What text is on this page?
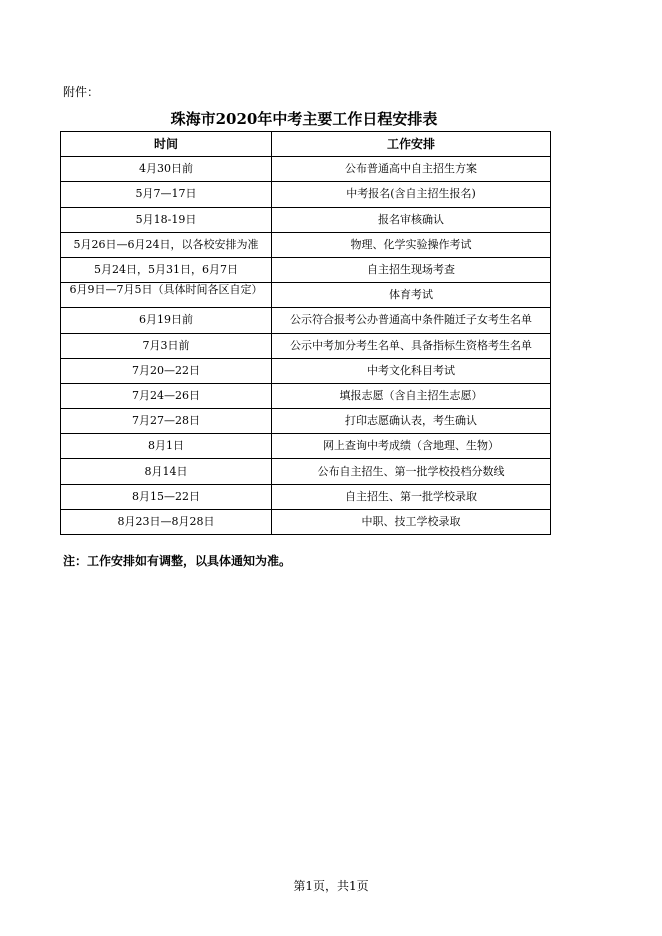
附件：
珠海市2020年中考主要工作日程安排表
时间	工作安排
4月30日前	公布普通高中自主招生方案
5月7—17日	中考报名(含自主招生报名)
5月18-19日	报名审核确认
5月26日—6月24日，以各校安排为准	物理、化学实验操作考试
5月24日，5月31日，6月7日	自主招生现场考查
6月9日—7月5日（具体时间各区自定）	体育考试
6月19日前	公示符合报考公办普通高中条件随迁子女考生名单
7月3日前	公示中考加分考生名单、具备指标生资格考生名单
7月20—22日	中考文化科目考试
7月24—26日	填报志愿（含自主招生志愿）
7月27—28日	打印志愿确认表，考生确认
8月1日	网上查询中考成绩（含地理、生物）
8月14日	公布自主招生、第一批学校投档分数线
8月15—22日	自主招生、第一批学校录取
8月23日—8月28日	中职、技工学校录取
注：工作安排如有调整，以具体通知为准。
第1页，共1页
